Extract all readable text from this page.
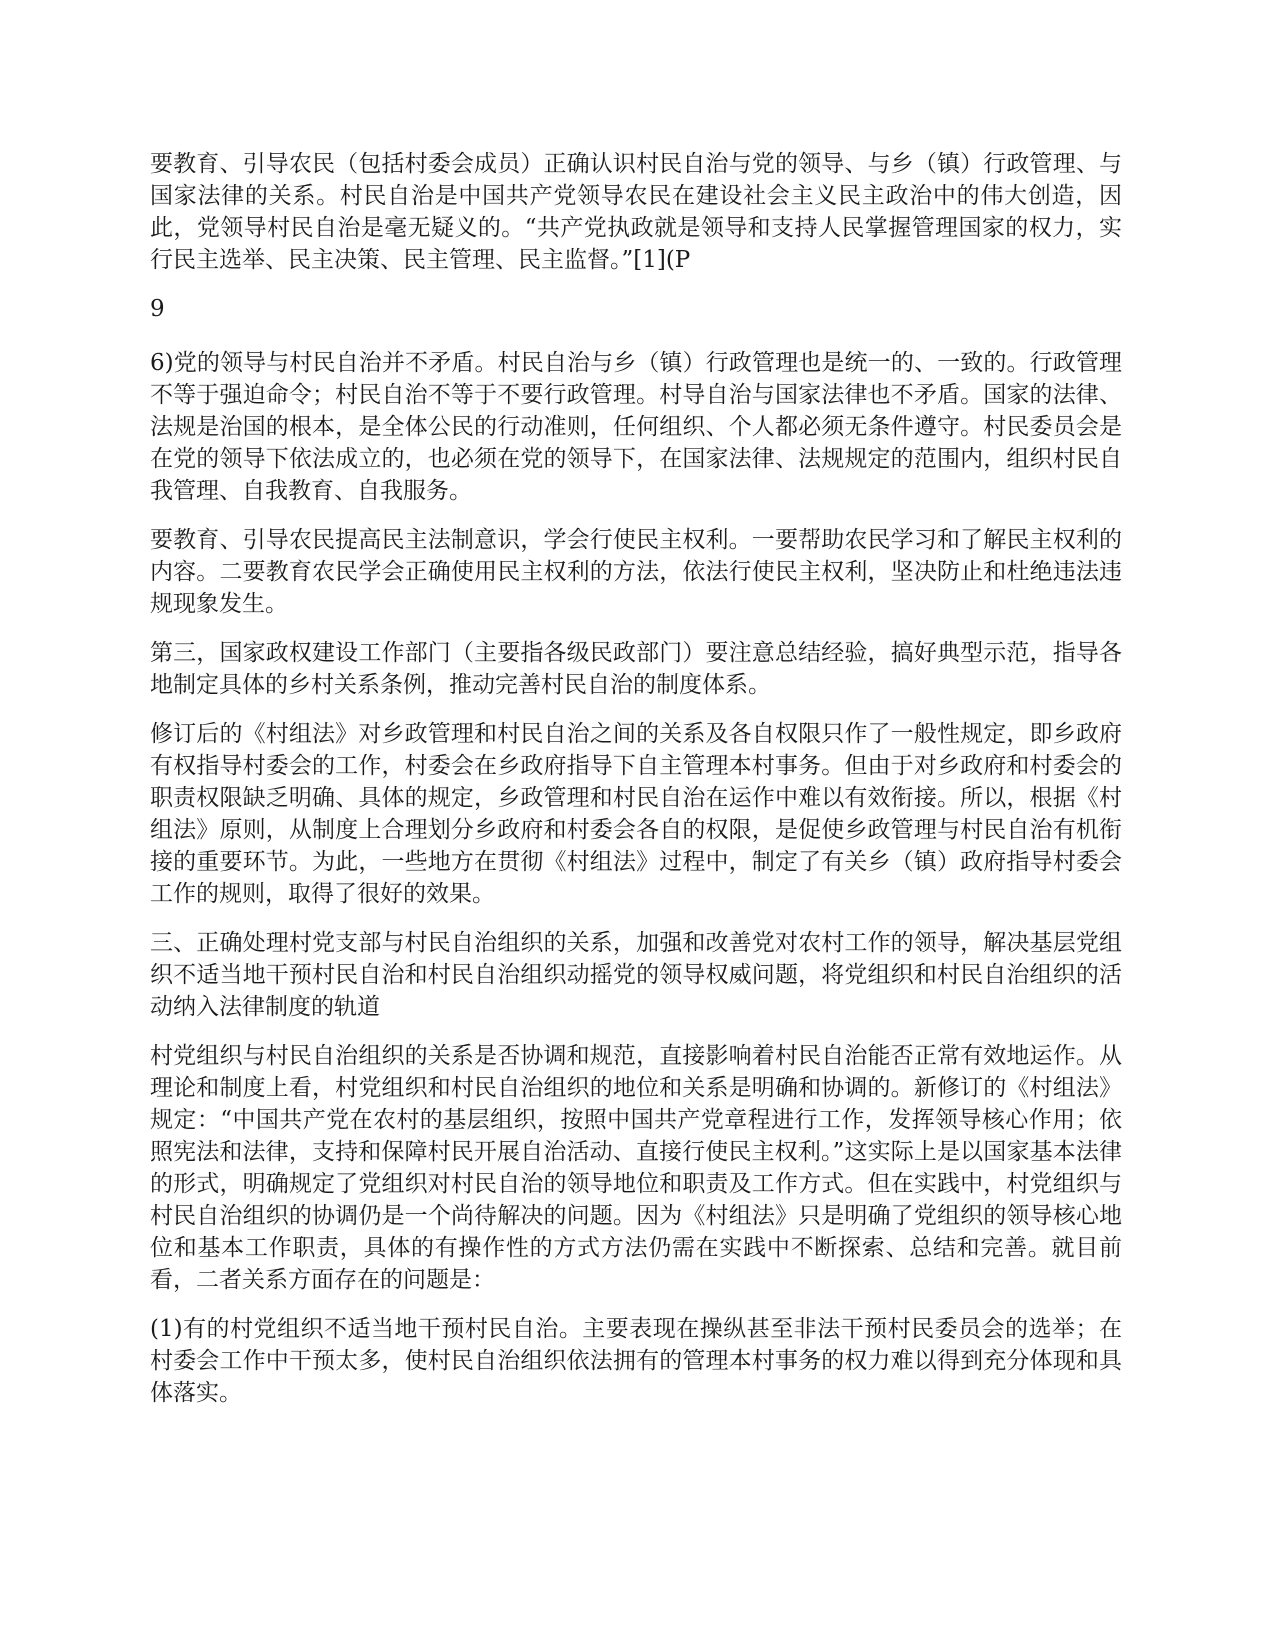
要教育、引导农民（包括村委会成员）正确认识村民自治与党的领导、与乡（镇）行政管理、与国家法律的关系。村民自治是中国共产党领导农民在建设社会主义民主政治中的伟大创造，因此，党领导村民自治是毫无疑义的。“共产党执政就是领导和支持人民掌握管理国家的权力，实行民主选举、民主决策、民主管理、民主监督。”[1](P

9

6)党的领导与村民自治并不矛盾。村民自治与乡（镇）行政管理也是统一的、一致的。行政管理不等于强迫命令；村民自治不等于不要行政管理。村导自治与国家法律也不矛盾。国家的法律、法规是治国的根本，是全体公民的行动准则，任何组织、个人都必须无条件遵守。村民委员会是在党的领导下依法成立的，也必须在党的领导下，在国家法律、法规规定的范围内，组织村民自我管理、自我教育、自我服务。

要教育、引导农民提高民主法制意识，学会行使民主权利。一要帮助农民学习和了解民主权利的内容。二要教育农民学会正确使用民主权利的方法，依法行使民主权利，坚决防止和杜绝违法违规现象发生。

第三，国家政权建设工作部门（主要指各级民政部门）要注意总结经验，搞好典型示范，指导各地制定具体的乡村关系条例，推动完善村民自治的制度体系。

修订后的《村组法》对乡政管理和村民自治之间的关系及各自权限只作了一般性规定，即乡政府有权指导村委会的工作，村委会在乡政府指导下自主管理本村事务。但由于对乡政府和村委会的职责权限缺乏明确、具体的规定，乡政管理和村民自治在运作中难以有效衔接。所以，根据《村组法》原则，从制度上合理划分乡政府和村委会各自的权限，是促使乡政管理与村民自治有机衔接的重要环节。为此，一些地方在贯彻《村组法》过程中，制定了有关乡（镇）政府指导村委会工作的规则，取得了很好的效果。

三、正确处理村党支部与村民自治组织的关系，加强和改善党对农村工作的领导，解决基层党组织不适当地干预村民自治和村民自治组织动摇党的领导权威问题，将党组织和村民自治组织的活动纳入法律制度的轨道

村党组织与村民自治组织的关系是否协调和规范，直接影响着村民自治能否正常有效地运作。从理论和制度上看，村党组织和村民自治组织的地位和关系是明确和协调的。新修订的《村组法》规定：“中国共产党在农村的基层组织，按照中国共产党章程进行工作，发挥领导核心作用；依照宪法和法律，支持和保障村民开展自治活动、直接行使民主权利。”这实际上是以国家基本法律的形式，明确规定了党组织对村民自治的领导地位和职责及工作方式。但在实践中，村党组织与村民自治组织的协调仍是一个尚待解决的问题。因为《村组法》只是明确了党组织的领导核心地位和基本工作职责，具体的有操作性的方式方法仍需在实践中不断探索、总结和完善。就目前看，二者关系方面存在的问题是：

(1)有的村党组织不适当地干预村民自治。主要表现在操纵甚至非法干预村民委员会的选举；在村委会工作中干预太多，使村民自治组织依法拥有的管理本村事务的权力难以得到充分体现和具体落实。
